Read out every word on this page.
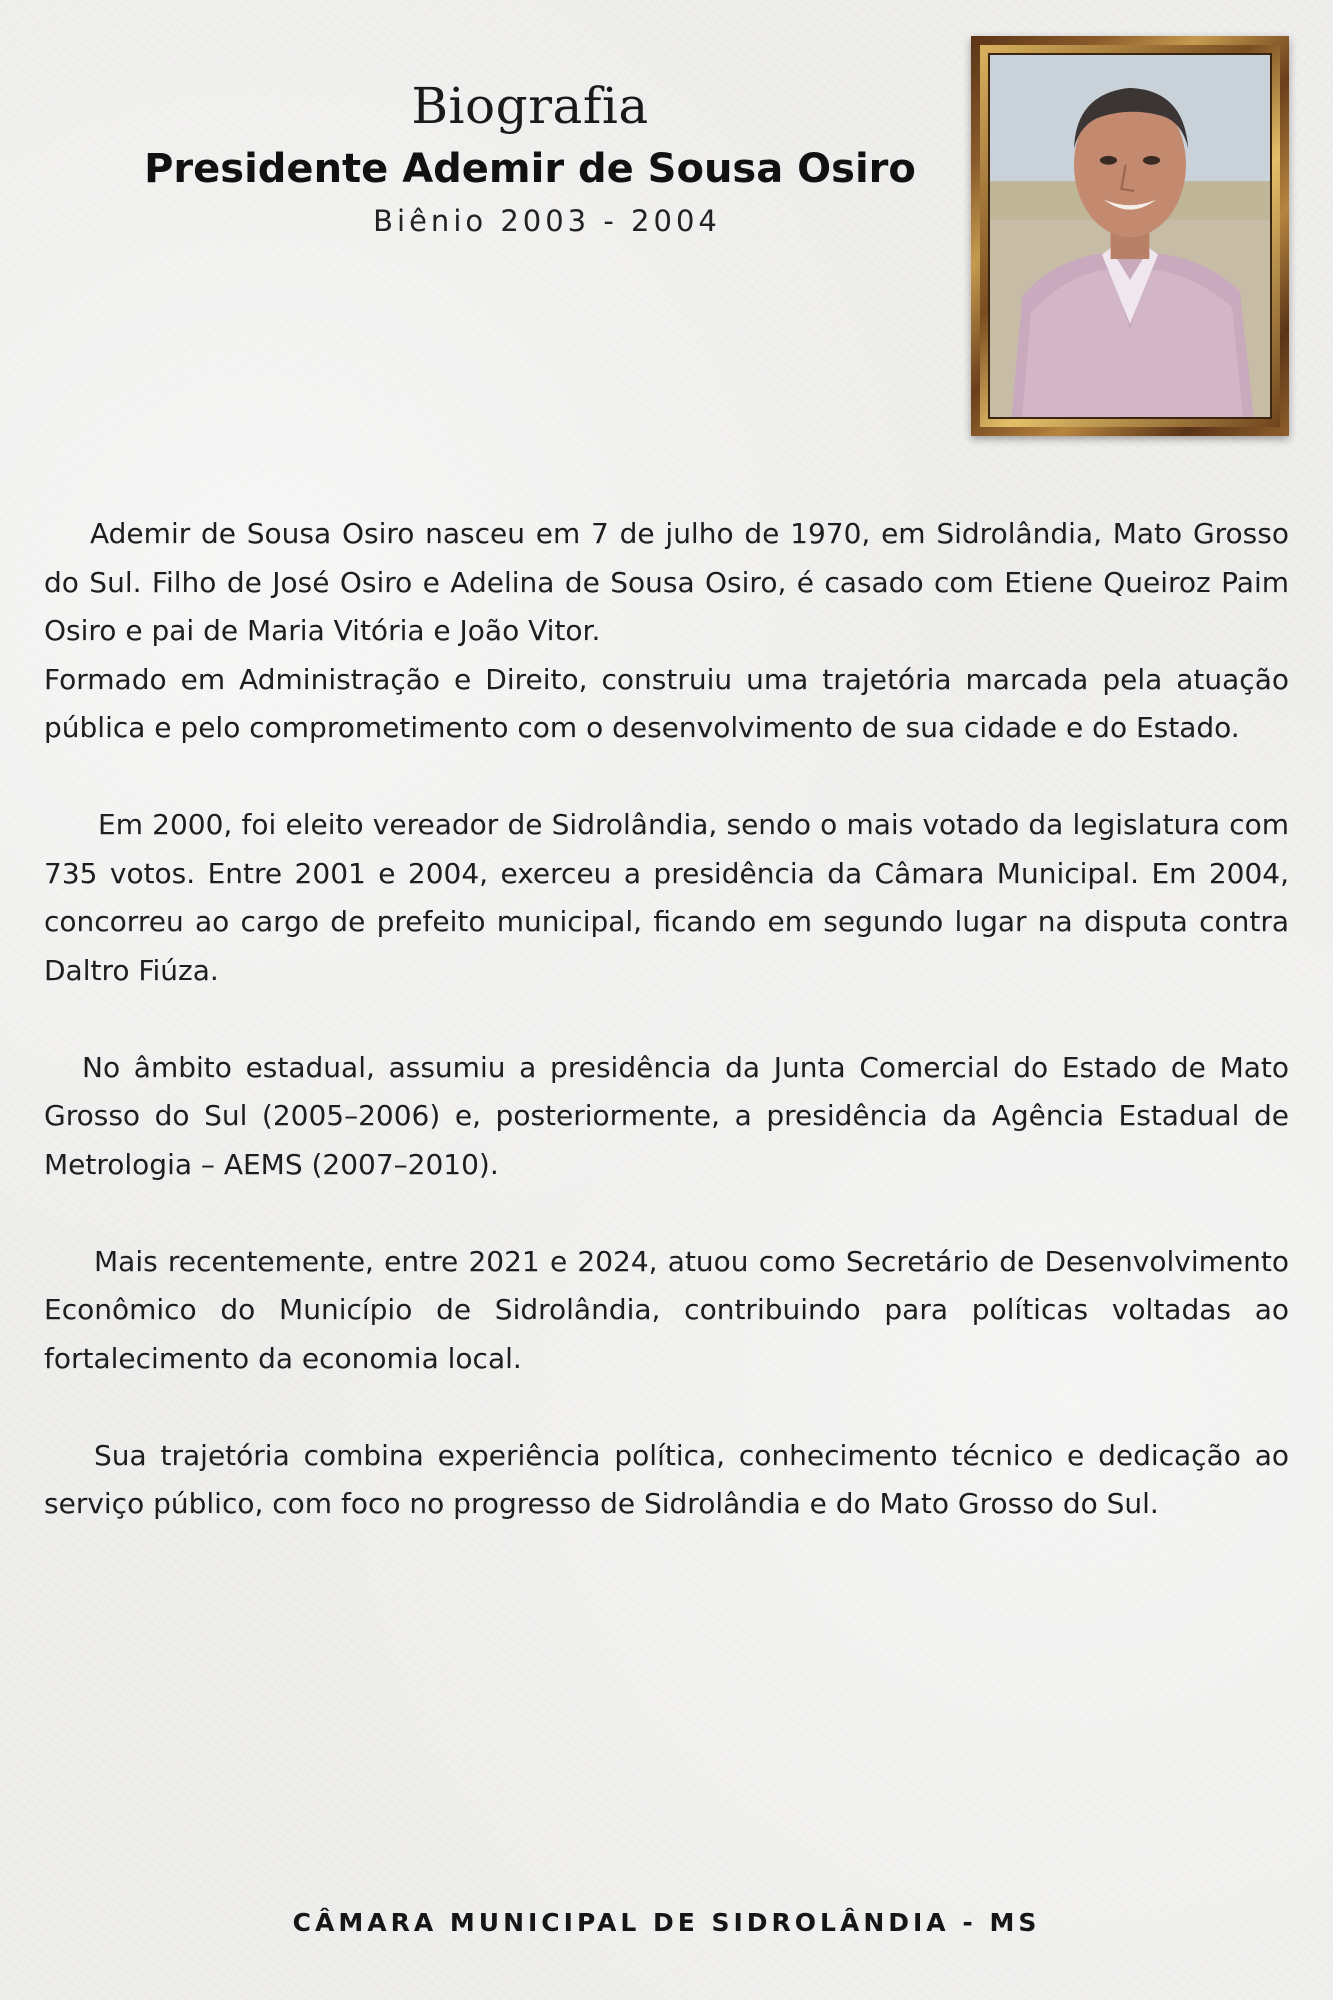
Biografia
Presidente Ademir de Sousa Osiro
Biênio 2003 - 2004

Ademir de Sousa Osiro nasceu em 7 de julho de 1970, em Sidrolândia, Mato Grosso do Sul. Filho de José Osiro e Adelina de Sousa Osiro, é casado com Etiene Queiroz Paim Osiro e pai de Maria Vitória e João Vitor.

Formado em Administração e Direito, construiu uma trajetória marcada pela atuação pública e pelo comprometimento com o desenvolvimento de sua cidade e do Estado.

Em 2000, foi eleito vereador de Sidrolândia, sendo o mais votado da legislatura com 735 votos. Entre 2001 e 2004, exerceu a presidência da Câmara Municipal. Em 2004, concorreu ao cargo de prefeito municipal, ficando em segundo lugar na disputa contra Daltro Fiúza.

No âmbito estadual, assumiu a presidência da Junta Comercial do Estado de Mato Grosso do Sul (2005–2006) e, posteriormente, a presidência da Agência Estadual de Metrologia – AEMS (2007–2010).

Mais recentemente, entre 2021 e 2024, atuou como Secretário de Desenvolvimento Econômico do Município de Sidrolândia, contribuindo para políticas voltadas ao fortalecimento da economia local.

Sua trajetória combina experiência política, conhecimento técnico e dedicação ao serviço público, com foco no progresso de Sidrolândia e do Mato Grosso do Sul.

CÂMARA MUNICIPAL DE SIDROLÂNDIA - MS
